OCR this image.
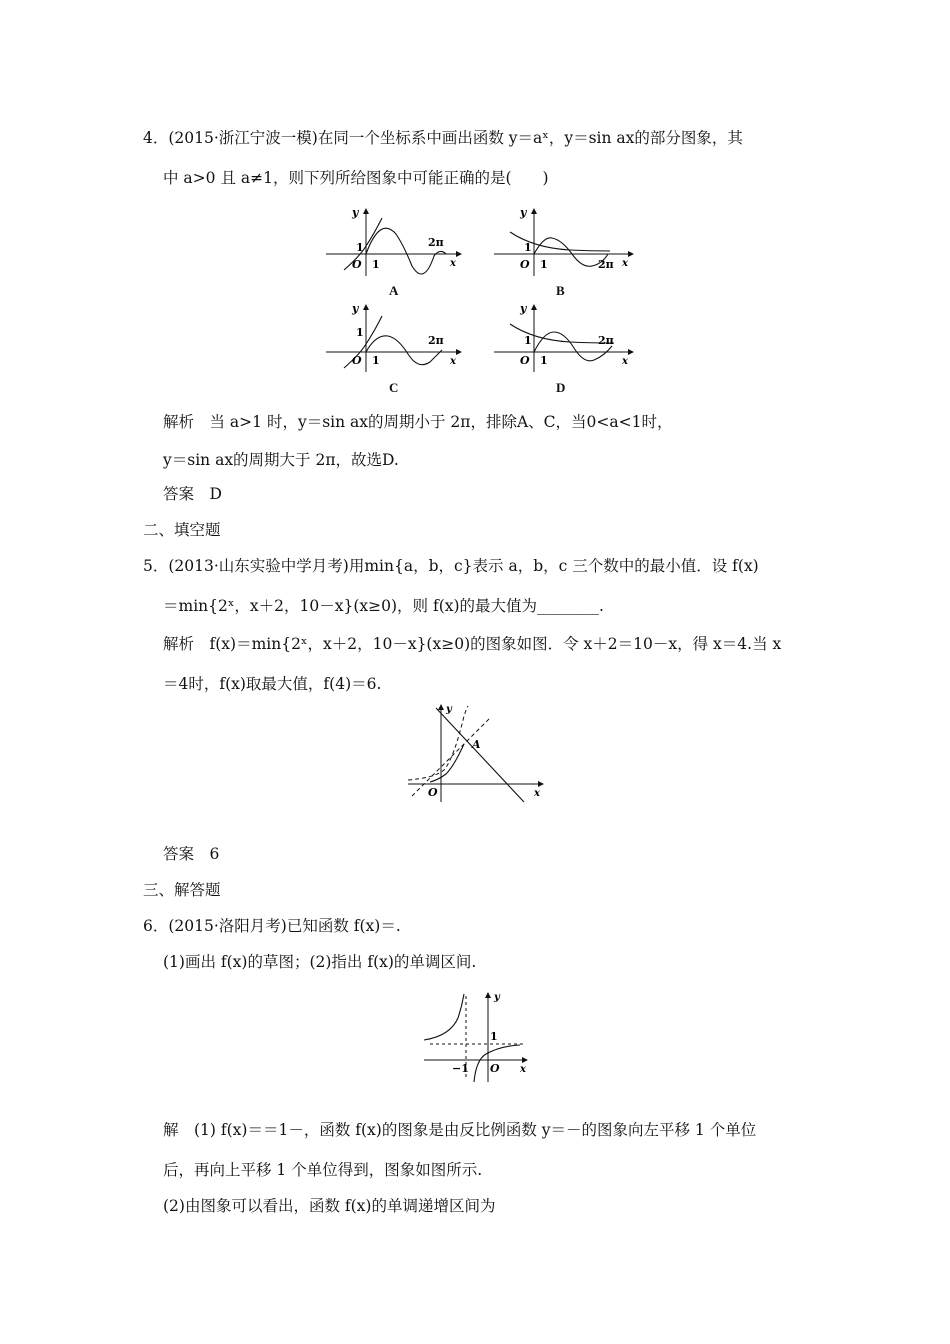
4．(2015·浙江宁波一模)在同一个坐标系中画出函数 y＝aˣ，y＝sin ax的部分图象，其
中 a>0 且 a≠1，则下列所给图象中可能正确的是(　　)
y
x
O
1
1
2π
A
y
x
O
1
1	2π
B
y
x
O
1
1
2π
C
y
x
O
1
1
2π
D
解析　当 a>1 时，y＝sin ax的周期小于 2π，排除A、C，当0<a<1时，
y＝sin ax的周期大于 2π，故选D.
答案　D
二、填空题
5．(2013·山东实验中学月考)用min{a，b，c}表示 a，b，c 三个数中的最小值．设 f(x)
＝min{2ˣ，x＋2，10－x}(x≥0)，则 f(x)的最大值为________.
解析　f(x)＝min{2ˣ，x＋2，10－x}(x≥0)的图象如图．令 x＋2＝10－x，得 x＝4.当 x
＝4时，f(x)取最大值，f(4)＝6.
y
x
O
A
答案　6
三、解答题
6．(2015·洛阳月考)已知函数 f(x)＝.
(1)画出 f(x)的草图；(2)指出 f(x)的单调区间.
y
x
O
1
−1
解　(1) f(x)＝＝1－，函数 f(x)的图象是由反比例函数 y＝－的图象向左平移 1 个单位
后，再向上平移 1 个单位得到，图象如图所示.
(2)由图象可以看出，函数 f(x)的单调递增区间为
